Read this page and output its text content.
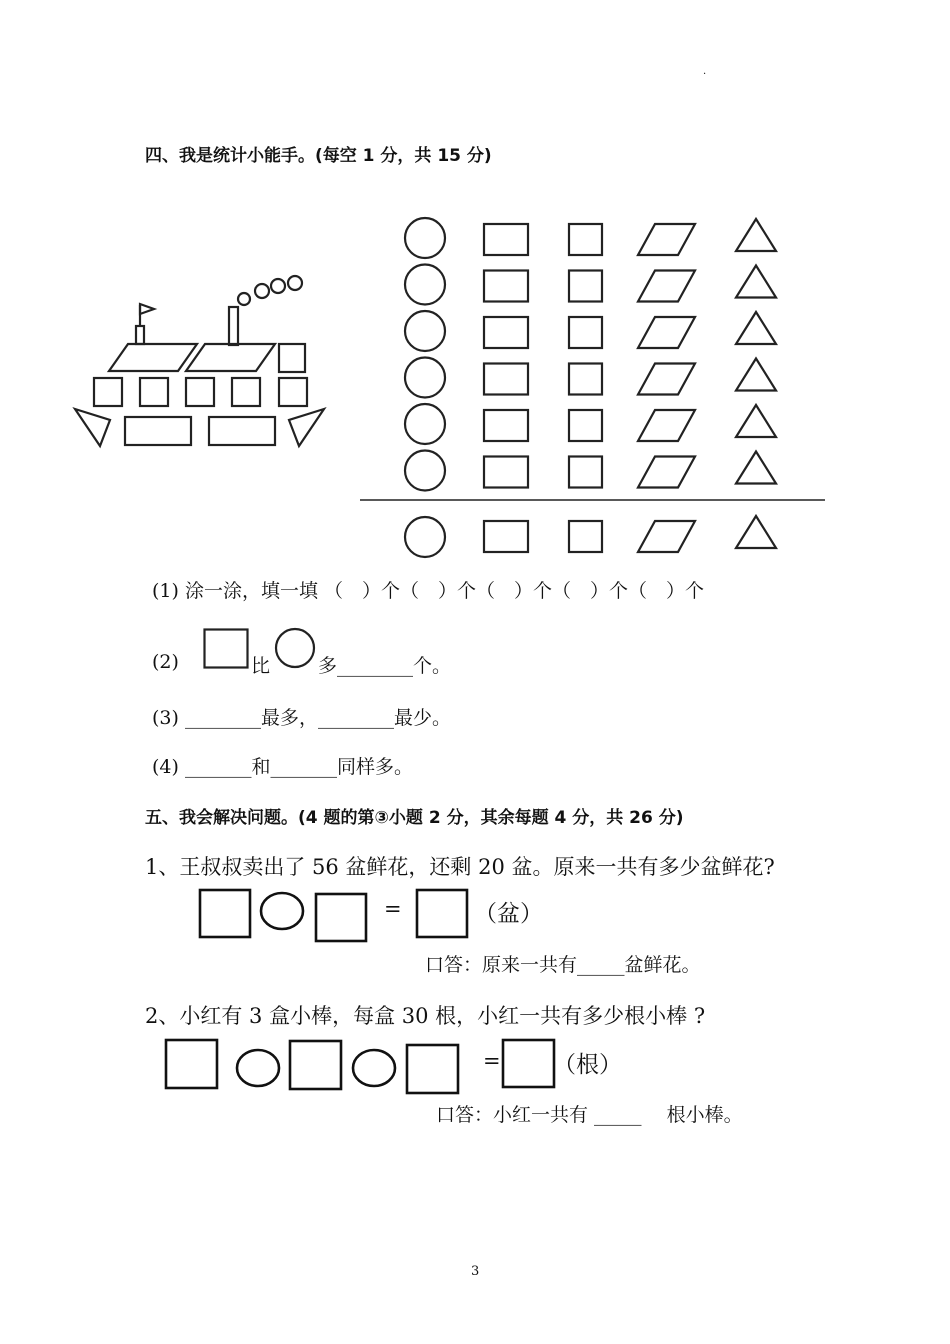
.
四、我是统计小能手。(每空 1 分，共 15 分)
(1) 涂一涂，填一填 （　）个（　）个（　）个（　）个（　）个
(2)	比	多________个。
(3) ________最多，________最少。
(4) _______和_______同样多。
五、我会解决问题。(4 题的第③小题 2 分，其余每题 4 分，共 26 分)
1、王叔叔卖出了 56 盆鲜花，还剩 20 盆。原来一共有多少盆鲜花?
=	（盆）
口答：原来一共有_____盆鲜花。
2、小红有 3 盒小棒，每盒 30 根，小红一共有多少根小棒 ?
= （根）
口答：小红一共有 _____　 根小棒。
3
